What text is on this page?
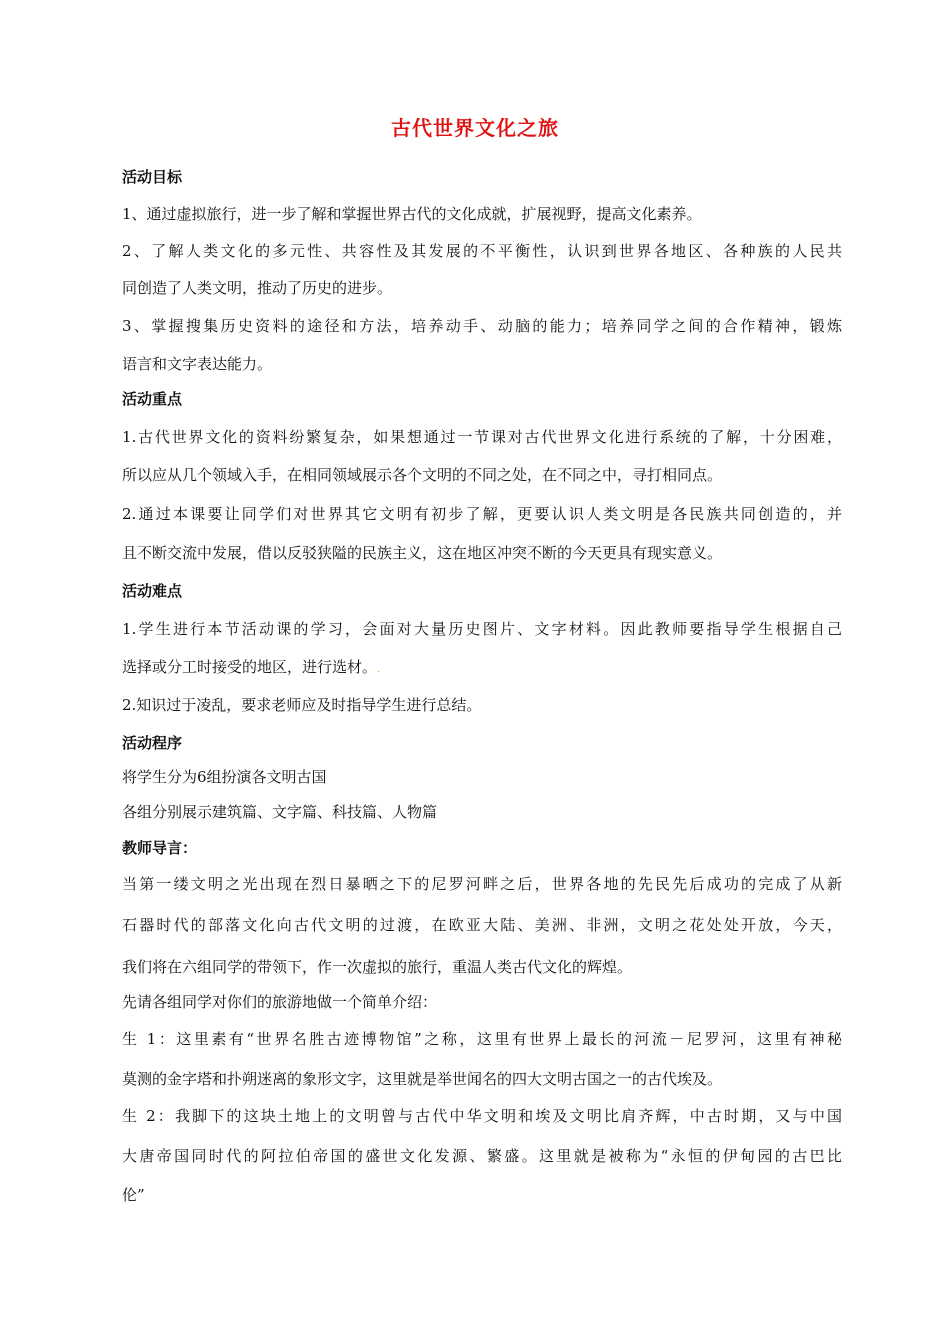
古代世界文化之旅
活动目标
1、通过虚拟旅行，进一步了解和掌握世界古代的文化成就，扩展视野，提高文化素养。
2、了解人类文化的多元性、共容性及其发展的不平衡性，认识到世界各地区、各种族的人民共
同创造了人类文明，推动了历史的进步。
3、掌握搜集历史资料的途径和方法，培养动手、动脑的能力；培养同学之间的合作精神，锻炼
语言和文字表达能力。
活动重点
1.古代世界文化的资料纷繁复杂，如果想通过一节课对古代世界文化进行系统的了解，十分困难，
所以应从几个领域入手，在相同领域展示各个文明的不同之处，在不同之中，寻打相同点。
2.通过本课要让同学们对世界其它文明有初步了解，更要认识人类文明是各民族共同创造的，并
且不断交流中发展，借以反驳狭隘的民族主义，这在地区冲突不断的今天更具有现实意义。
活动难点
1.学生进行本节活动课的学习，会面对大量历史图片、文字材料。因此教师要指导学生根据自己
选择或分工时接受的地区，进行选材。.
2.知识过于凌乱，要求老师应及时指导学生进行总结。
活动程序
将学生分为6组扮演各文明古国
各组分别展示建筑篇、文字篇、科技篇、人物篇
教师导言：
当第一缕文明之光出现在烈日暴晒之下的尼罗河畔之后，世界各地的先民先后成功的完成了从新
石器时代的部落文化向古代文明的过渡，在欧亚大陆、美洲、非洲，文明之花处处开放，今天，
我们将在六组同学的带领下，作一次虚拟的旅行，重温人类古代文化的辉煌。
先请各组同学对你们的旅游地做一个简单介绍：
生 1：这里素有“世界名胜古迹博物馆”之称，这里有世界上最长的河流－尼罗河，这里有神秘
莫测的金字塔和扑朔迷离的象形文字，这里就是举世闻名的四大文明古国之一的古代埃及。
生 2：我脚下的这块土地上的文明曾与古代中华文明和埃及文明比肩齐辉，中古时期，又与中国
大唐帝国同时代的阿拉伯帝国的盛世文化发源、繁盛。这里就是被称为“永恒的伊甸园的古巴比
伦”
